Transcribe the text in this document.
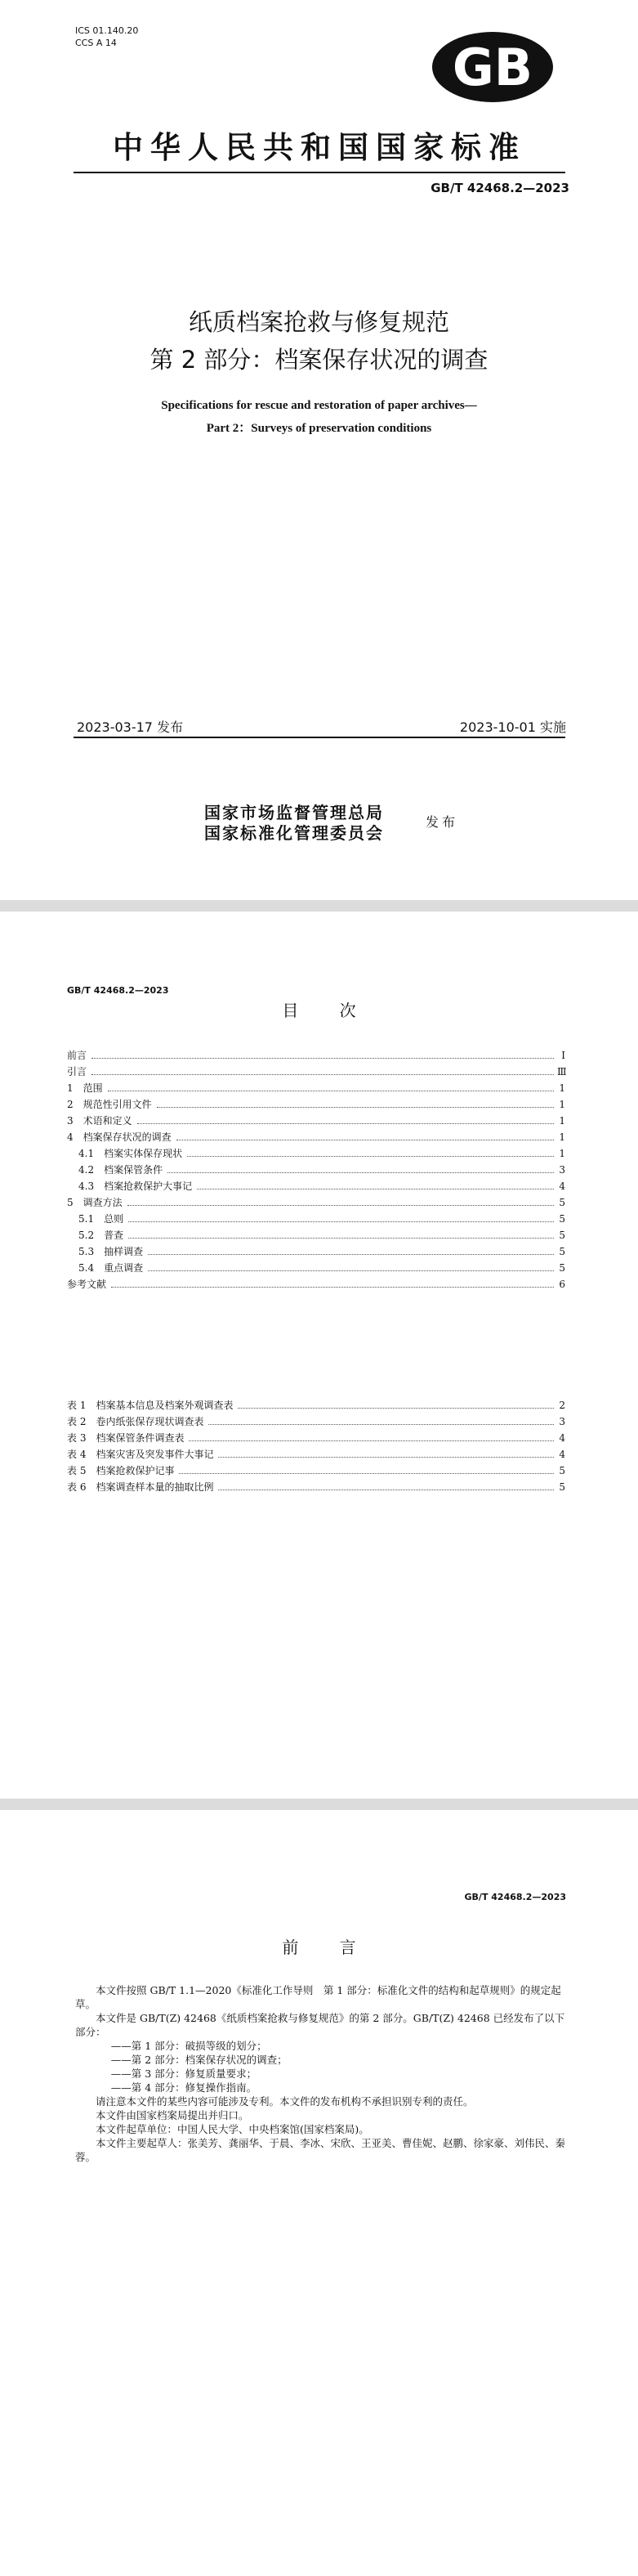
ICS 01.140.20
CCS A 14	GB
中华人民共和国国家标准
GB/T 42468.2—2023
纸质档案抢救与修复规范
第 2 部分：档案保存状况的调查
Specifications for rescue and restoration of paper archives—
Part 2：Surveys of preservation conditions
2023-03-17 发布	2023-10-01 实施
国家市场监督管理总局
国家标准化管理委员会
发布
GB/T 42468.2—2023
目 次
前言	Ⅰ
引言	Ⅲ
1　范围	1
2　规范性引用文件	1
3　术语和定义	1
4　档案保存状况的调查	1
4.1　档案实体保存现状	1
4.2　档案保管条件	3
4.3　档案抢救保护大事记	4
5　调查方法	5
5.1　总则	5
5.2　普查	5
5.3　抽样调查	5
5.4　重点调查	5
参考文献	6
表 1　档案基本信息及档案外观调查表	2
表 2　卷内纸张保存现状调查表	3
表 3　档案保管条件调查表	4
表 4　档案灾害及突发事件大事记	4
表 5　档案抢救保护记事	5
表 6　档案调查样本量的抽取比例	5
GB/T 42468.2—2023
前 言

本文件按照 GB/T 1.1—2020《标准化工作导则　第 1 部分：标准化文件的结构和起草规则》的规定起草。

本文件是 GB/T(Z) 42468《纸质档案抢救与修复规范》的第 2 部分。GB/T(Z) 42468 已经发布了以下部分：

——第 1 部分：破损等级的划分；

——第 2 部分：档案保存状况的调查；

——第 3 部分：修复质量要求；

——第 4 部分：修复操作指南。

请注意本文件的某些内容可能涉及专利。本文件的发布机构不承担识别专利的责任。

本文件由国家档案局提出并归口。

本文件起草单位：中国人民大学、中央档案馆(国家档案局)。

本文件主要起草人：张美芳、龚丽华、于晨、李冰、宋欣、王亚美、曹佳妮、赵鹏、徐家豪、刘伟民、秦蓉。
